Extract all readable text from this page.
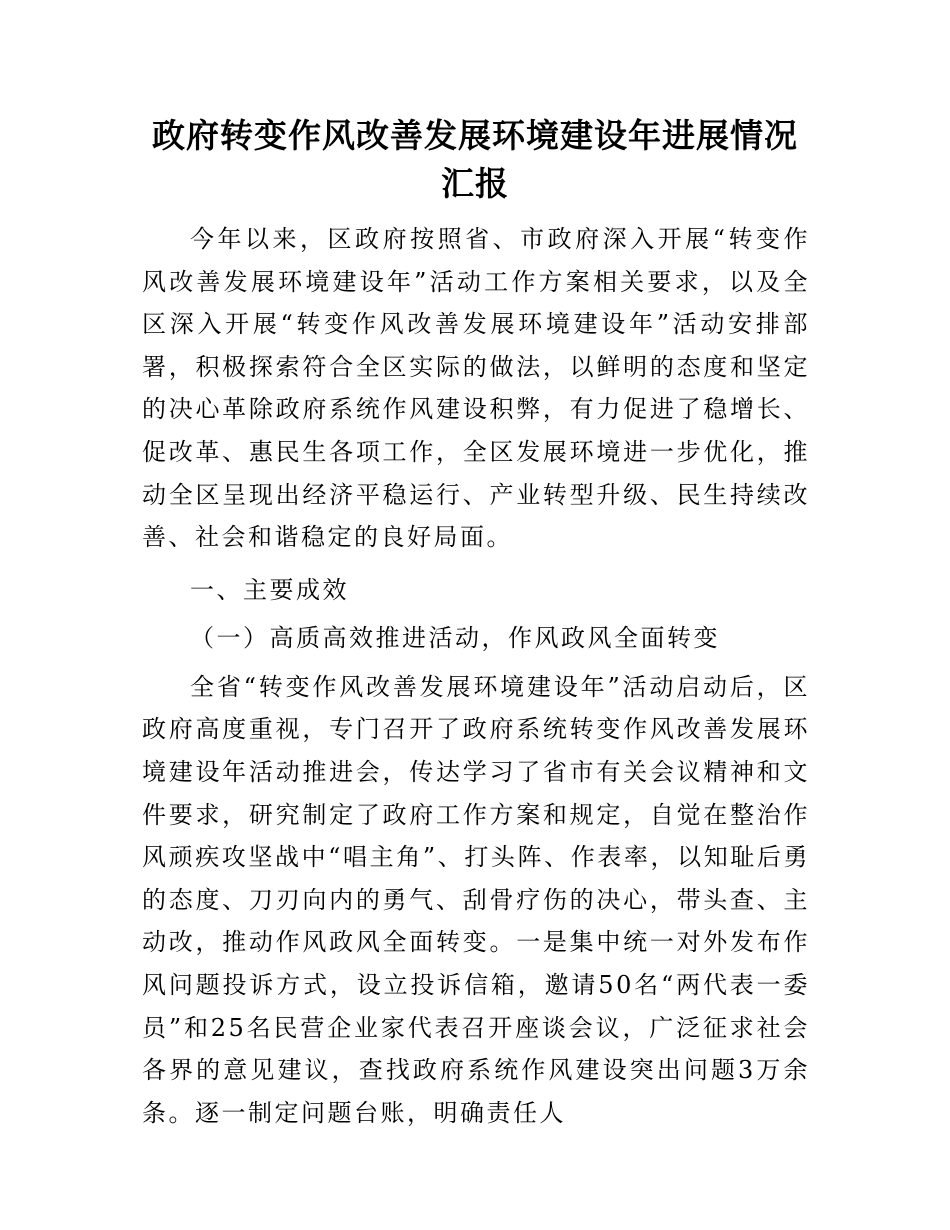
政府转变作风改善发展环境建设年进展情况汇报

今年以来，区政府按照省、市政府深入开展“转变作风改善发展环境建设年”活动工作方案相关要求，以及全区深入开展“转变作风改善发展环境建设年”活动安排部署，积极探索符合全区实际的做法，以鲜明的态度和坚定的决心革除政府系统作风建设积弊，有力促进了稳增长、促改革、惠民生各项工作，全区发展环境进一步优化，推动全区呈现出经济平稳运行、产业转型升级、民生持续改善、社会和谐稳定的良好局面。

一、主要成效

（一）高质高效推进活动，作风政风全面转变

全省“转变作风改善发展环境建设年”活动启动后，区政府高度重视，专门召开了政府系统转变作风改善发展环境建设年活动推进会，传达学习了省市有关会议精神和文件要求，研究制定了政府工作方案和规定，自觉在整治作风顽疾攻坚战中“唱主角”、打头阵、作表率，以知耻后勇的态度、刀刃向内的勇气、刮骨疗伤的决心，带头查、主动改，推动作风政风全面转变。一是集中统一对外发布作风问题投诉方式，设立投诉信箱，邀请50名“两代表一委员”和25名民营企业家代表召开座谈会议，广泛征求社会各界的意见建议，查找政府系统作风建设突出问题3万余条。逐一制定问题台账，明确责任人
